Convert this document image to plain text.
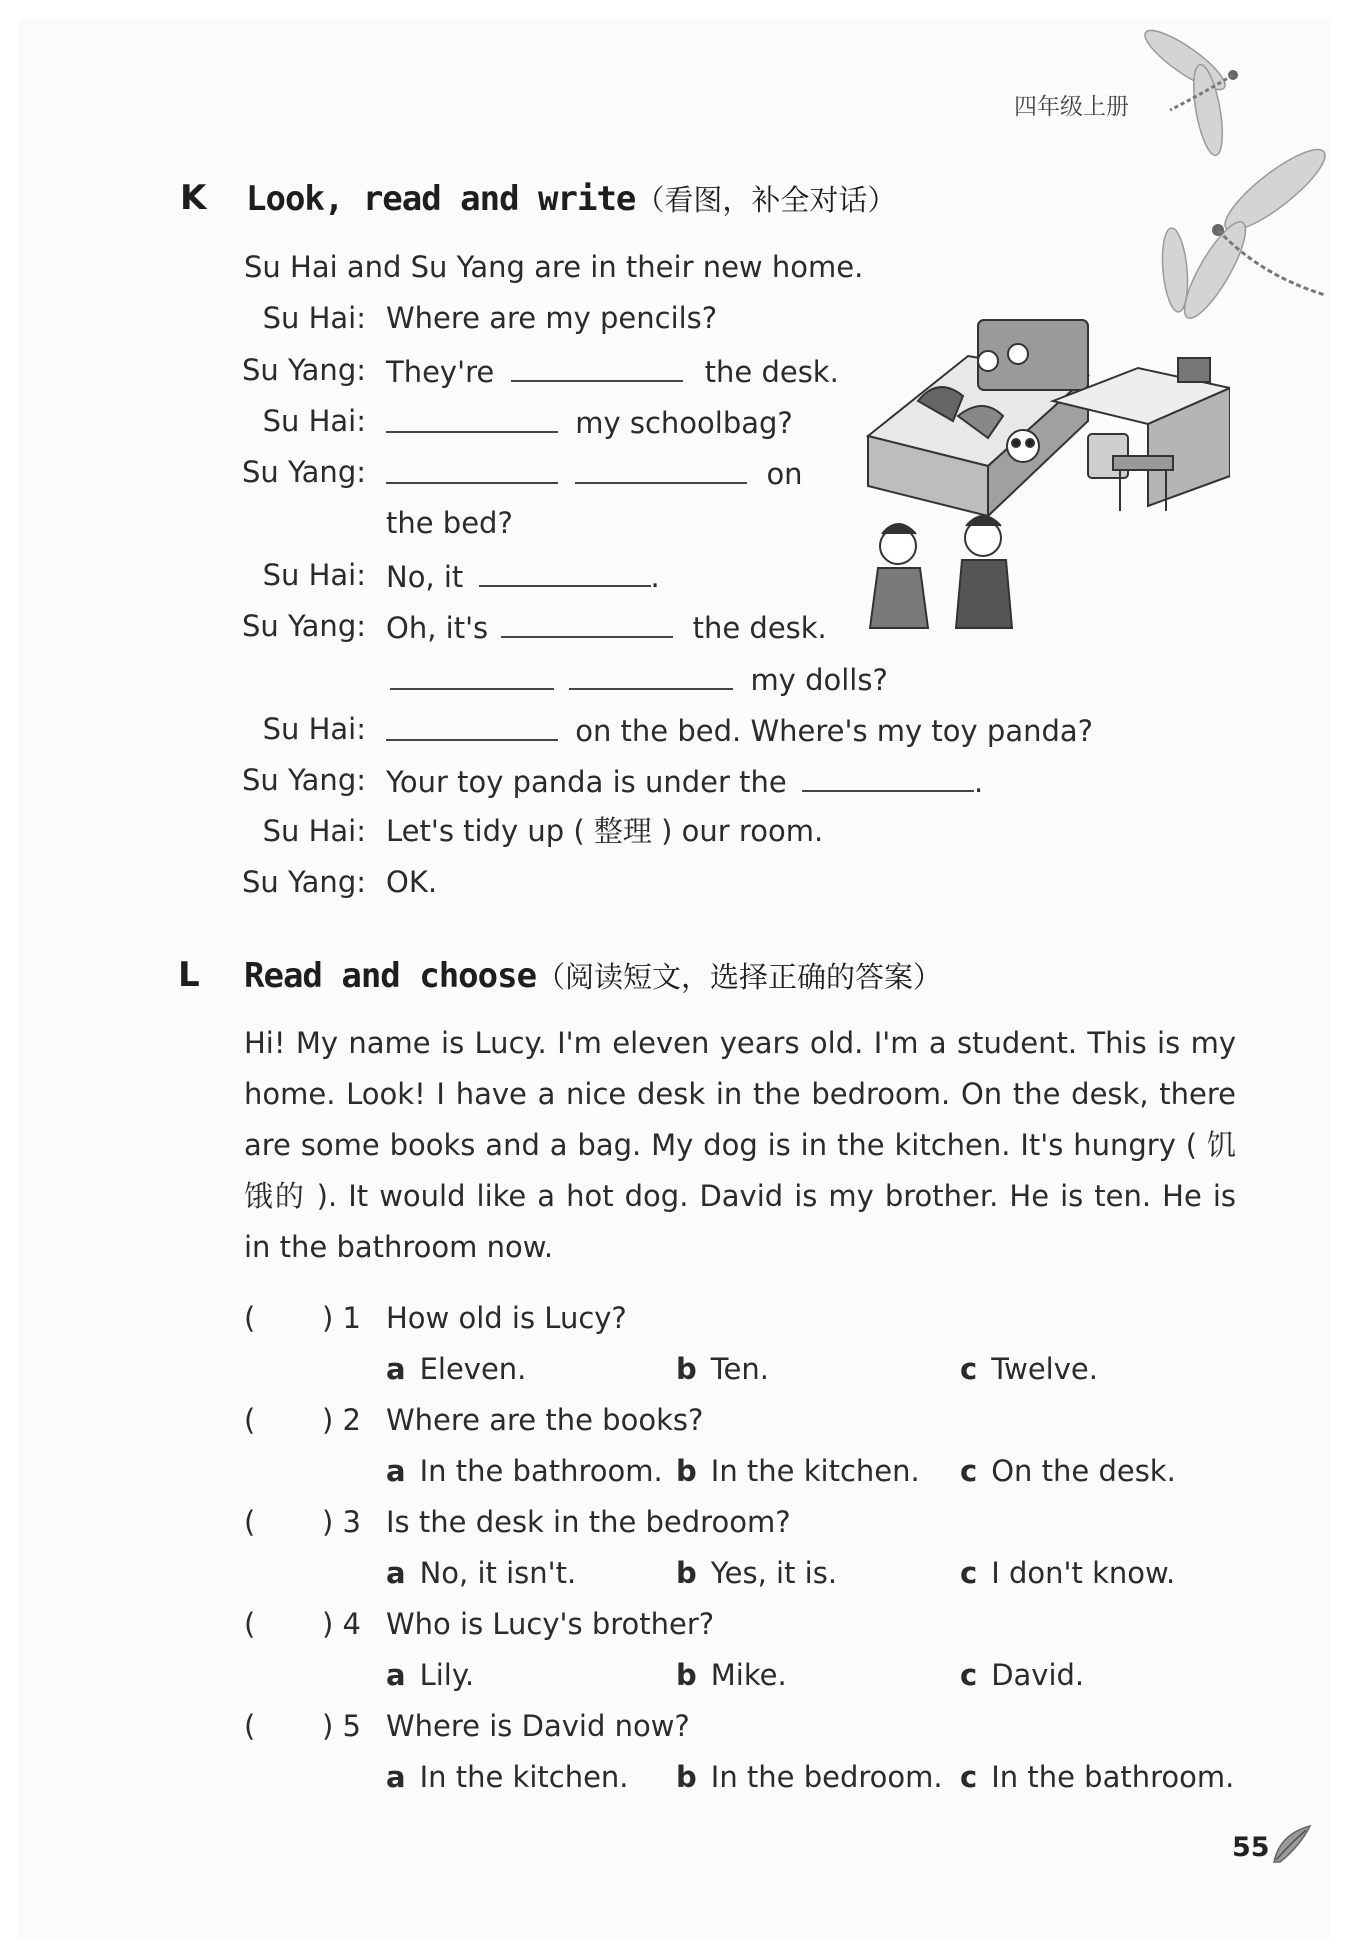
四年级上册
K Look, read and write（看图，补全对话）
Su Hai and Su Yang are in their new home.
Su Hai: Where are my pencils?
Su Yang: They're	the desk.
Su Hai:	my schoolbag?
Su Yang:	on
the bed?
Su Hai: No, it	.
Su Yang: Oh, it's	the desk.
my dolls?
Su Hai:	on the bed. Where's my toy panda?
Su Yang: Your toy panda is under the	.
Su Hai: Let's tidy up ( 整理 ) our room.
Su Yang: OK.
L Read and choose（阅读短文，选择正确的答案）
Hi! My name is Lucy. I'm eleven years old. I'm a student. This is my home. Look! I have a nice desk in the bedroom. On the desk, there are some books and a bag. My dog is in the kitchen. It's hungry ( 饥饿的 ). It would like a hot dog. David is my brother. He is ten. He is in the bathroom now.
( ) 1 How old is Lucy?
a Eleven.	b Ten.	c Twelve.
( ) 2 Where are the books?
a In the bathroom. b In the kitchen. c On the desk.
( ) 3 Is the desk in the bedroom?
a No, it isn't.	b Yes, it is.	c I don't know.
( ) 4 Who is Lucy's brother?
a Lily.	b Mike.	c David.
( ) 5 Where is David now?
a In the kitchen. b In the bedroom. c In the bathroom.
55
